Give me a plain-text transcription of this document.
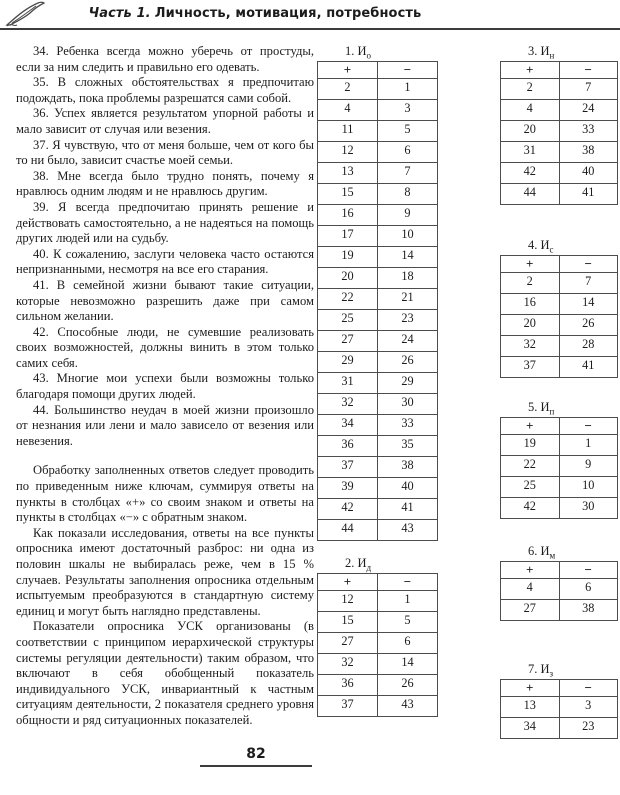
Часть 1. Личность, мотивация, потребность

34. Ребенка всегда можно уберечь от простуды, если за ним следить и правильно его одевать.

35. В сложных обстоятельствах я предпочитаю подождать, пока проблемы разрешатся сами собой.

36. Успех является результатом упорной работы и мало зависит от случая или везения.

37. Я чувствую, что от меня больше, чем от кого бы то ни было, зависит счастье моей семьи.

38. Мне всегда было трудно понять, почему я нравлюсь одним людям и не нравлюсь другим.

39. Я всегда предпочитаю принять решение и действовать самостоятельно, а не надеяться на помощь других людей или на судьбу.

40. К сожалению, заслуги человека часто остаются непризнанными, несмотря на все его старания.

41. В семейной жизни бывают такие ситуации, которые невозможно разрешить даже при самом сильном желании.

42. Способные люди, не сумевшие реализовать своих возможностей, должны винить в этом только самих себя.

43. Многие мои успехи были возможны только благодаря помощи других людей.

44. Большинство неудач в моей жизни произошло от незнания или лени и мало зависело от везения или невезения.

Обработку заполненных ответов следует проводить по приведенным ниже ключам, суммируя ответы на пункты в столбцах «+» со своим знаком и ответы на пункты в столбцах «−» с обратным знаком.

Как показали исследования, ответы на все пункты опросника имеют достаточный разброс: ни одна из половин шкалы не выбиралась реже, чем в 15 % случаев. Результаты заполнения опросника отдельным испытуемым преобразуются в стандартную систему единиц и могут быть наглядно представлены.

Показатели опросника УСК организованы (в соответствии с принципом иерархической структуры системы регуляции деятельности) таким образом, что включают в себя обобщенный показатель индивидуального УСК, инвариантный к частным ситуациям деятельности, 2 показателя среднего уровня общности и ряд ситуационных показателей.

1. $И_о$
+	−
2	1
4	3
11	5
12	6
13	7
15	8
16	9
17	10
19	14
20	18
22	21
25	23
27	24
29	26
31	29
32	30
34	33
36	35
37	38
39	40
42	41
44	43
2. $И_д$
+	−
12	1
15	5
27	6
32	14
36	26
37	43
3. $И_н$
+	−
2	7
4	24
20	33
31	38
42	40
44	41
4. $И_с$
+	−
2	7
16	14
20	26
32	28
37	41
5. $И_п$
+	−
19	1
22	9
25	10
42	30
6. $И_м$
+	−
4	6
27	38
7. $И_з$
+	−
13	3
34	23
82
